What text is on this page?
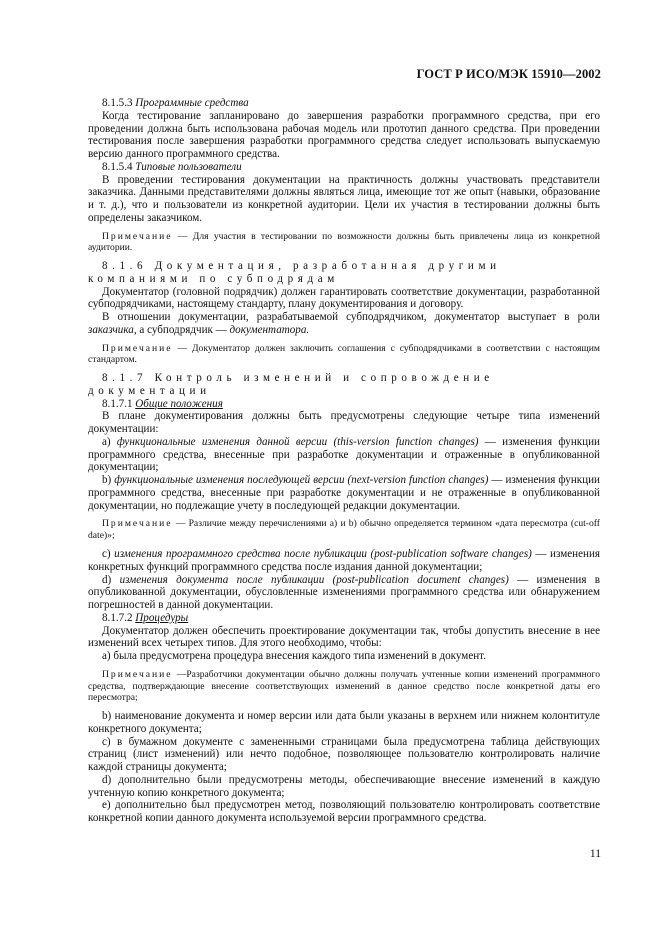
ГОСТ Р ИСО/МЭК 15910—2002

8.1.5.3 Программные средства

Когда тестирование запланировано до завершения разработки программного средства, при его проведении должна быть использована рабочая модель или прототип данного средства. При проведении тестирования после завершения разработки программного средства следует использовать выпускаемую версию данного программного средства.

8.1.5.4 Типовые пользователи

В проведении тестирования документации на практичность должны участвовать представители заказчика. Данными представителями должны являться лица, имеющие тот же опыт (навыки, образование и т. д.), что и пользователи из конкретной аудитории. Цели их участия в тестировании должны быть определены заказчиком.

Примечание — Для участия в тестировании по возможности должны быть привлечены лица из конкретной аудитории.

8.1.6 Документация, разработанная другими компаниями по субподрядам

Документатор (головной подрядчик) должен гарантировать соответствие документации, разработанной субподрядчиками, настоящему стандарту, плану документирования и договору.

В отношении документации, разрабатываемой субподрядчиком, документатор выступает в роли заказчика, а субподрядчик — документатора.

Примечание — Документатор должен заключить соглашения с субподрядчиками в соответствии с настоящим стандартом.

8.1.7 Контроль изменений и сопровождение документации

8.1.7.1 Общие положения

В плане документирования должны быть предусмотрены следующие четыре типа изменений документации:

a) функциональные изменения данной версии (this-version function changes) — изменения функции программного средства, внесенные при разработке документации и отраженные в опубликованной документации;

b) функциональные изменения последующей версии (next-version function changes) — изменения функции программного средства, внесенные при разработке документации и не отраженные в опубликованной документации, но подлежащие учету в последующей редакции документации.

Примечание — Различие между перечислениями а) и b) обычно определяется термином «дата пересмотра (cut-off date)»;

c) изменения программного средства после публикации (post-publication software changes) — изменения конкретных функций программного средства после издания данной документации;

d) изменения документа после публикации (post-publication document changes) — изменения в опубликованной документации, обусловленные изменениями программного средства или обнаружением погрешностей в данной документации.

8.1.7.2 Процедуры

Документатор должен обеспечить проектирование документации так, чтобы допустить внесение в нее изменений всех четырех типов. Для этого необходимо, чтобы:

а) была предусмотрена процедура внесения каждого типа изменений в документ.

Примечание —Разработчики документации обычно должны получать учтенные копии изменений программного средства, подтверждающие внесение соответствующих изменений в данное средство после конкретной даты его пересмотра;

b) наименование документа и номер версии или дата были указаны в верхнем или нижнем колонтитуле конкретного документа;

с) в бумажном документе с замененными страницами была предусмотрена таблица действующих страниц (лист изменений) или нечто подобное, позволяющее пользователю контролировать наличие каждой страницы документа;

d) дополнительно были предусмотрены методы, обеспечивающие внесение изменений в каждую учтенную копию конкретного документа;

е) дополнительно был предусмотрен метод, позволяющий пользователю контролировать соответствие конкретной копии данного документа используемой версии программного средства.

11
